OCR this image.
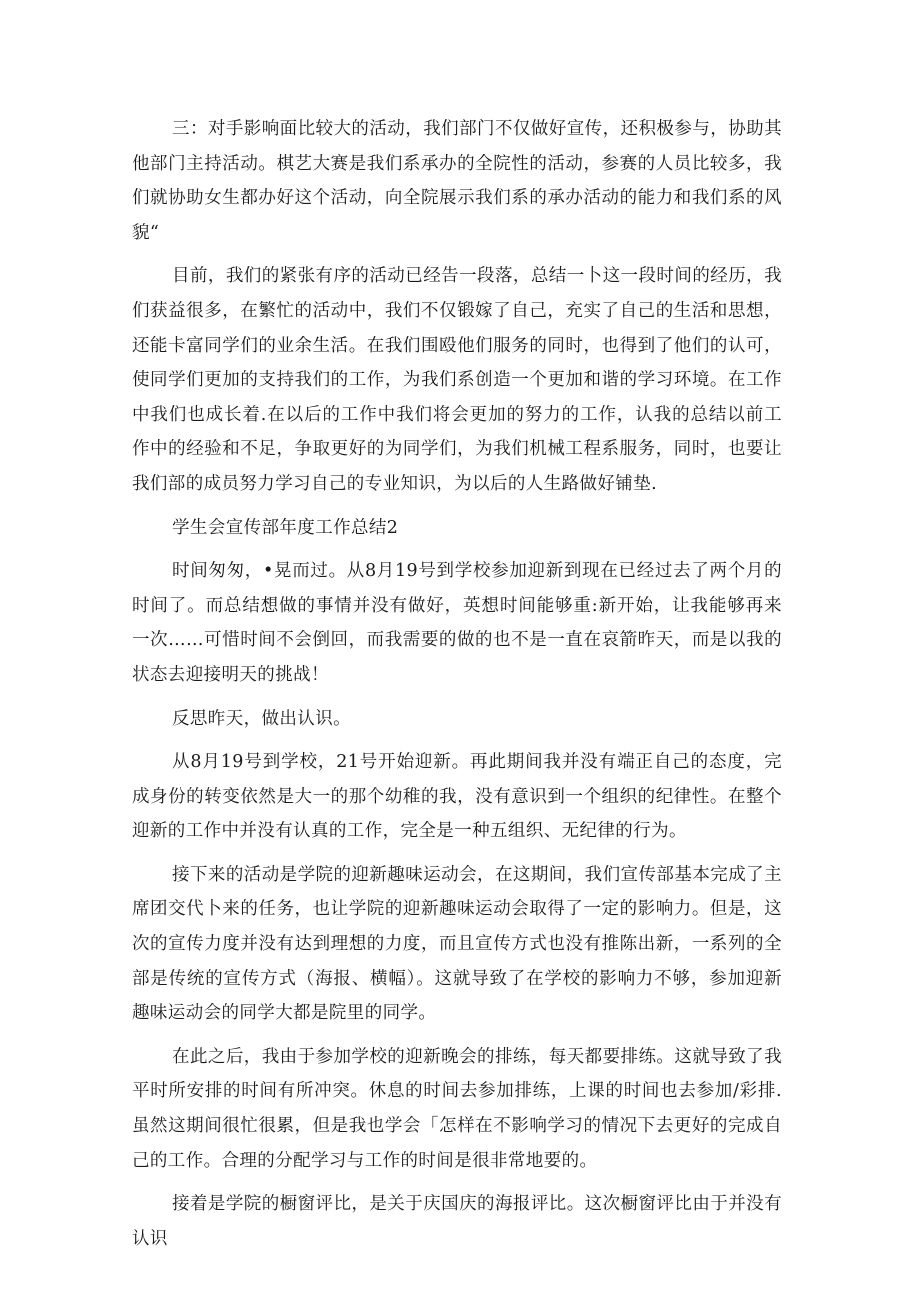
三：对手影响面比较大的活动，我们部门不仅做好宣传，还积极参与，协助其他部门主持活动。棋艺大赛是我们系承办的全院性的活动，参赛的人员比较多，我们就协助女生都办好这个活动，向全院展示我们系的承办活动的能力和我们系的风貌“

目前，我们的紧张有序的活动已经告一段落，总结一卜这一段时间的经历，我们获益很多，在繁忙的活动中，我们不仅锻嫁了自己，充实了自己的生活和思想，还能卡富同学们的业余生活。在我们围殴他们服务的同时，也得到了他们的认可，使同学们更加的支持我们的工作，为我们系创造一个更加和谐的学习环境。在工作中我们也成长着.在以后的工作中我们将会更加的努力的工作，认我的总结以前工作中的经验和不足，争取更好的为同学们，为我们机械工程系服务，同时，也要让我们部的成员努力学习自己的专业知识，为以后的人生路做好铺垫.

学生会宣传部年度工作总结2

时间匆匆，•晃而过。从8月19号到学校参加迎新到现在已经过去了两个月的时间了。而总结想做的事情并没有做好，英想时间能够重:新开始，让我能够再来一次……可惜时间不会倒回，而我需要的做的也不是一直在哀箭昨天，而是以我的状态去迎接明天的挑战！

反思昨天，做出认识。

从8月19号到学校，21号开始迎新。再此期间我并没有端正自己的态度，完成身份的转变依然是大一的那个幼稚的我，没有意识到一个组织的纪律性。在整个迎新的工作中并没有认真的工作，完全是一种五组织、无纪律的行为。

接下来的活动是学院的迎新趣味运动会，在这期间，我们宣传部基本完成了主席团交代卜来的任务，也让学院的迎新趣味运动会取得了一定的影响力。但是，这次的宣传力度并没有达到理想的力度，而且宣传方式也没有推陈出新，一系列的全部是传统的宣传方式（海报、横幅）。这就导致了在学校的影响力不够，参加迎新趣味运动会的同学大都是院里的同学。

在此之后，我由于参加学校的迎新晚会的排练，每天都要排练。这就导致了我平时所安排的时间有所冲突。休息的时间去参加排练，上课的时间也去参加/彩排.虽然这期间很忙很累，但是我也学会「怎样在不影响学习的情况下去更好的完成自己的工作。合理的分配学习与工作的时间是很非常地要的。

接着是学院的橱窗评比，是关于庆国庆的海报评比。这次橱窗评比由于并没有认识
